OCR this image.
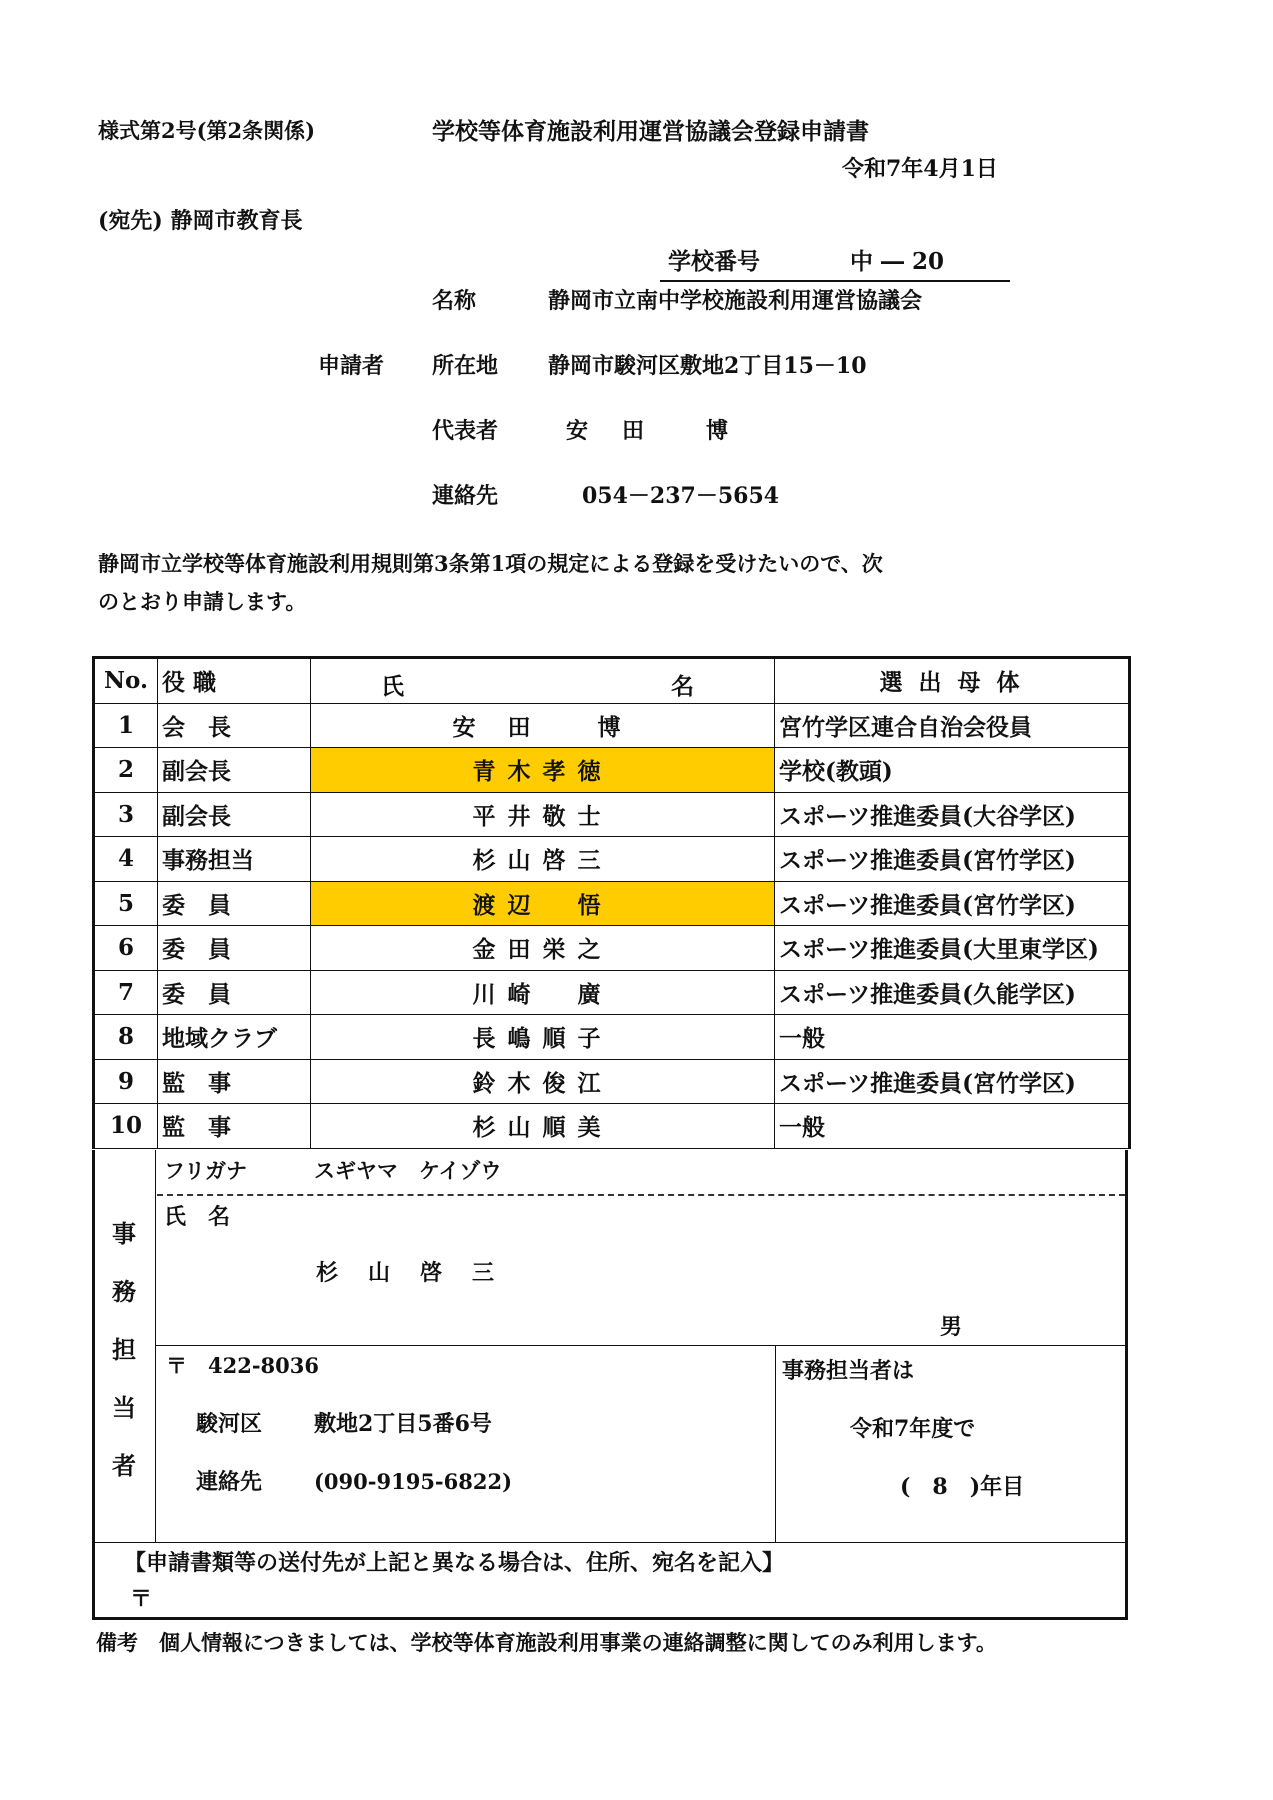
様式第2号(第2条関係)	学校等体育施設利用運営協議会登録申請書
令和7年4月1日
(宛先) 静岡市教育長
学校番号	中 ― 20
名称	静岡市立南中学校施設利用運営協議会
申請者 所在地 静岡市駿河区敷地2丁目15－10
代表者	安　田　　博
連絡先	054－237－5654
静岡市立学校等体育施設利用規則第3条第1項の規定による登録を受けたいので、次
のとおり申請します。
No.	役 職	氏 名	選 出 母 体
1	会　長	安 田 　博	宮竹学区連合自治会役員
2	副会長	青木孝徳	学校(教頭)
3	副会長	平井敬士	スポーツ推進委員(大谷学区)
4	事務担当	杉山啓三	スポーツ推進委員(宮竹学区)
5	委　員	渡辺　悟	スポーツ推進委員(宮竹学区)
6	委　員	金田栄之	スポーツ推進委員(大里東学区)
7	委　員	川崎　廣	スポーツ推進委員(久能学区)
8	地域クラブ	長嶋順子	一般
9	監　事	鈴木俊江	スポーツ推進委員(宮竹学区)
10	監　事	杉山順美	一般
事
務
担
当
者
フリガナ	スギヤマ　ケイゾウ
氏　名
杉　山　啓　三
男
〒　422-8036
駿河区 敷地2丁目5番6号
連絡先 (090-9195-6822)
事務担当者は
令和7年度で
(　8　)年目
【申請書類等の送付先が上記と異なる場合は、住所、宛名を記入】
〒
備考　個人情報につきましては、学校等体育施設利用事業の連絡調整に関してのみ利用します。
